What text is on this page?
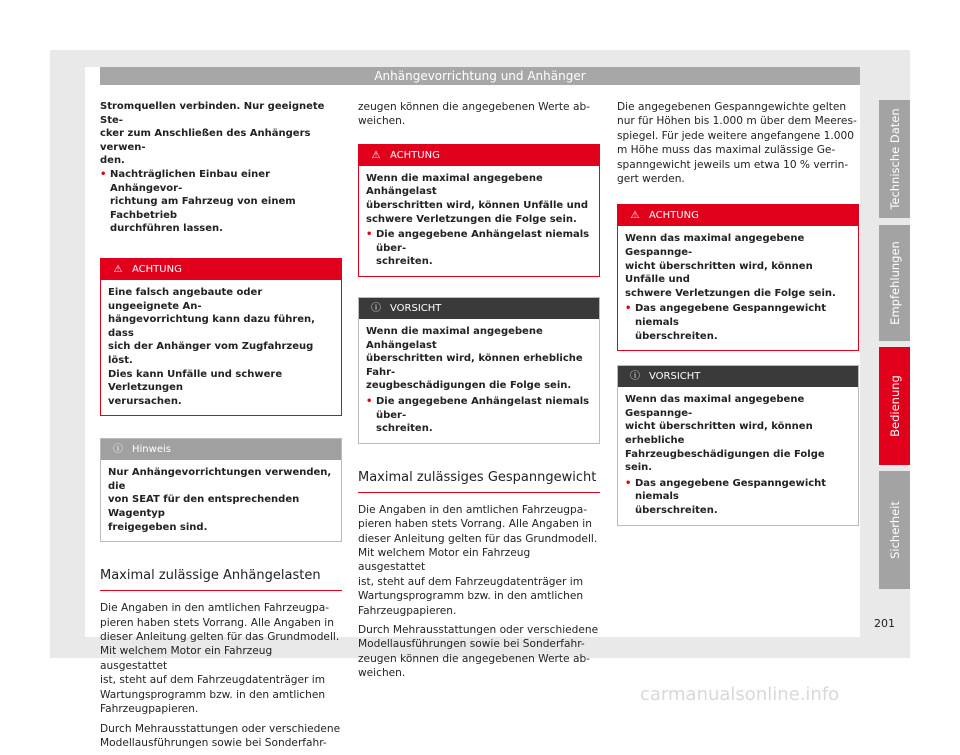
Anhängevorrichtung und Anhänger
Stromquellen verbinden. Nur geeignete Ste-
cker zum Anschließen des Anhängers verwen-
den.
• Nachträglichen Einbau einer Anhängevor-
richtung am Fahrzeug von einem Fachbetrieb
durchführen lassen.
⚠ ACHTUNG
Eine falsch angebaute oder ungeeignete An-
hängevorrichtung kann dazu führen, dass
sich der Anhänger vom Zugfahrzeug löst.
Dies kann Unfälle und schwere Verletzungen
verursachen.
ⓘ Hinweis
Nur Anhängevorrichtungen verwenden, die
von SEAT für den entsprechenden Wagentyp
freigegeben sind.
Maximal zulässige Anhängelasten
Die Angaben in den amtlichen Fahrzeugpa-
pieren haben stets Vorrang. Alle Angaben in
dieser Anleitung gelten für das Grundmodell.
Mit welchem Motor ein Fahrzeug ausgestattet
ist, steht auf dem Fahrzeugdatenträger im
Wartungsprogramm bzw. in den amtlichen
Fahrzeugpapieren.
Durch Mehrausstattungen oder verschiedene
Modellausführungen sowie bei Sonderfahr-
zeugen können die angegebenen Werte ab-
weichen.
⚠ ACHTUNG
Wenn die maximal angegebene Anhängelast
überschritten wird, können Unfälle und
schwere Verletzungen die Folge sein.
• Die angegebene Anhängelast niemals über-
schreiten.
ⓘ VORSICHT
Wenn die maximal angegebene Anhängelast
überschritten wird, können erhebliche Fahr-
zeugbeschädigungen die Folge sein.
• Die angegebene Anhängelast niemals über-
schreiten.
Maximal zulässiges Gespanngewicht
Die Angaben in den amtlichen Fahrzeugpa-
pieren haben stets Vorrang. Alle Angaben in
dieser Anleitung gelten für das Grundmodell.
Mit welchem Motor ein Fahrzeug ausgestattet
ist, steht auf dem Fahrzeugdatenträger im
Wartungsprogramm bzw. in den amtlichen
Fahrzeugpapieren.
Durch Mehrausstattungen oder verschiedene
Modellausführungen sowie bei Sonderfahr-
zeugen können die angegebenen Werte ab-
weichen.
Die angegebenen Gespanngewichte gelten
nur für Höhen bis 1.000 m über dem Meeres-
spiegel. Für jede weitere angefangene 1.000
m Höhe muss das maximal zulässige Ge-
spanngewicht jeweils um etwa 10 % verrin-
gert werden.
⚠ ACHTUNG
Wenn das maximal angegebene Gespannge-
wicht überschritten wird, können Unfälle und
schwere Verletzungen die Folge sein.
• Das angegebene Gespanngewicht niemals
überschreiten.
ⓘ VORSICHT
Wenn das maximal angegebene Gespannge-
wicht überschritten wird, können erhebliche
Fahrzeugbeschädigungen die Folge sein.
• Das angegebene Gespanngewicht niemals
überschreiten.
Technische Daten
Empfehlungen
Bedienung
Sicherheit
201
carmanualsonline.info
